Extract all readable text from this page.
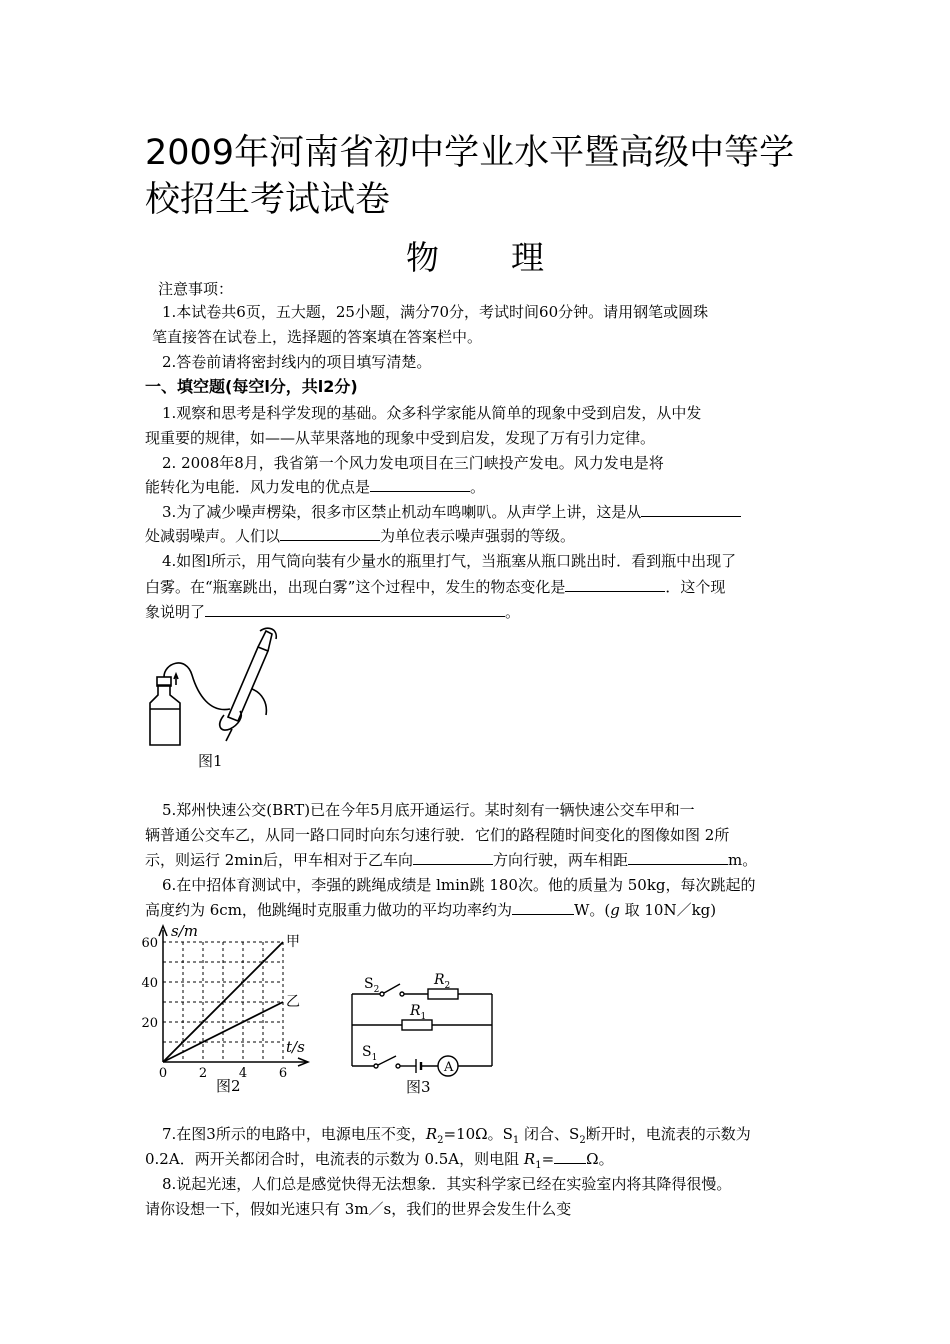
2009年河南省初中学业水平暨高级中等学
校招生考试试卷
物 理
注意事项：
1.本试卷共6页，五大题，25小题，满分70分，考试时间60分钟。请用钢笔或圆珠
笔直接答在试卷上，选择题的答案填在答案栏中。
2.答卷前请将密封线内的项目填写清楚。
一、填空题(每空l分，共l2分)
1.观察和思考是科学发现的基础。众多科学家能从简单的现象中受到启发，从中发
现重要的规律，如——从苹果落地的现象中受到启发，发现了万有引力定律。
2. 2008年8月，我省第一个风力发电项目在三门峡投产发电。风力发电是将
能转化为电能．风力发电的优点是	。
3.为了减少噪声楞染，很多市区禁止机动车鸣喇叭。从声学上讲，这是从
处减弱噪声。人们以	为单位表示噪声强弱的等级。
4.如图l所示，用气筒向装有少量水的瓶里打气，当瓶塞从瓶口跳出时．看到瓶中出现了
白雾。在“瓶塞跳出，出现白雾”这个过程中，发生的物态变化是	．这个现
象说明了	。
图1
5.郑州快速公交(BRT)已在今年5月底开通运行。某时刻有一辆快速公交车甲和一
辆普通公交车乙，从同一路口同时向东匀速行驶．它们的路程随时间变化的图像如图 2所
示，则运行 2min后，甲车相对于乙车向	方向行驶，两车相距	m。
6.在中招体育测试中，李强的跳绳成绩是 lmin跳 180次。他的质量为 50kg，每次跳起的
高度约为 6cm，他跳绳时克服重力做功的平均功率约为	W。(g 取 10N／kg)
s/m
t/s
60
40
20
0 2 4 6
甲
乙
图2
A
$S_2$
$R_2$
$R_1$
$S_1$
图3
7.在图3所示的电路中，电源电压不变，$R_2=10\Omega$。$S_1$ 闭合、$S_2$断开时，电流表的示数为
0.2A．两开关都闭合时，电流表的示数为 0.5A，则电阻 $R_1= \Omega$。
8.说起光速，人们总是感觉快得无法想象．其实科学家已经在实验室内将其降得很慢。
请你设想一下，假如光速只有 3m／s，我们的世界会发生什么变
